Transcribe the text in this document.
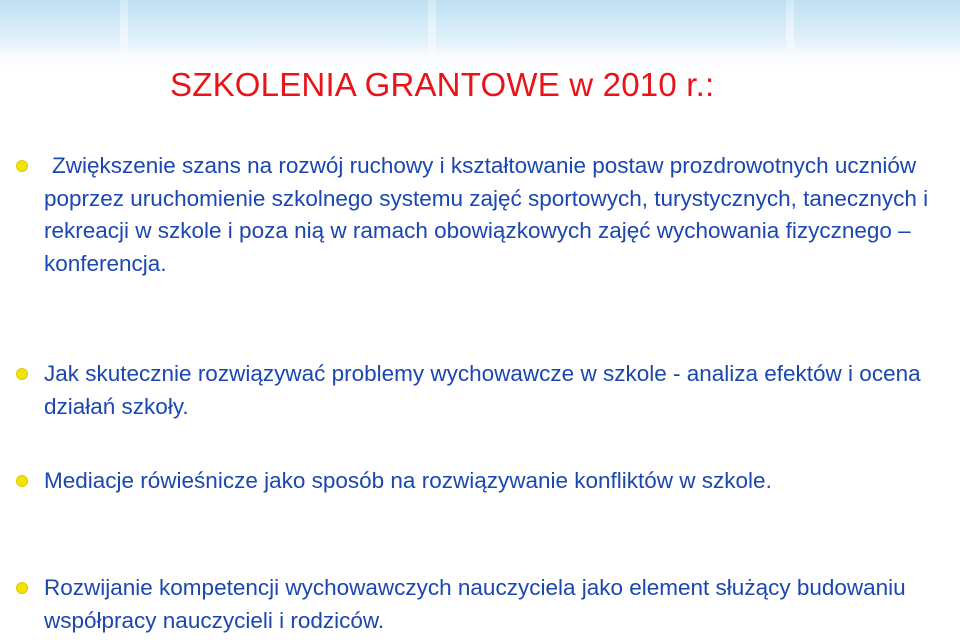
SZKOLENIA GRANTOWE w 2010 r.:
Zwiększenie szans na rozwój ruchowy i kształtowanie postaw prozdrowotnych uczniów poprzez uruchomienie szkolnego systemu zajęć sportowych, turystycznych, tanecznych i rekreacji w szkole i poza nią w ramach obowiązkowych zajęć wychowania fizycznego – konferencja.
Jak skutecznie rozwiązywać problemy wychowawcze w szkole - analiza efektów i ocena działań szkoły.
Mediacje rówieśnicze jako sposób na rozwiązywanie konfliktów w szkole.
Rozwijanie kompetencji wychowawczych nauczyciela jako element służący budowaniu współpracy nauczycieli i rodziców.
